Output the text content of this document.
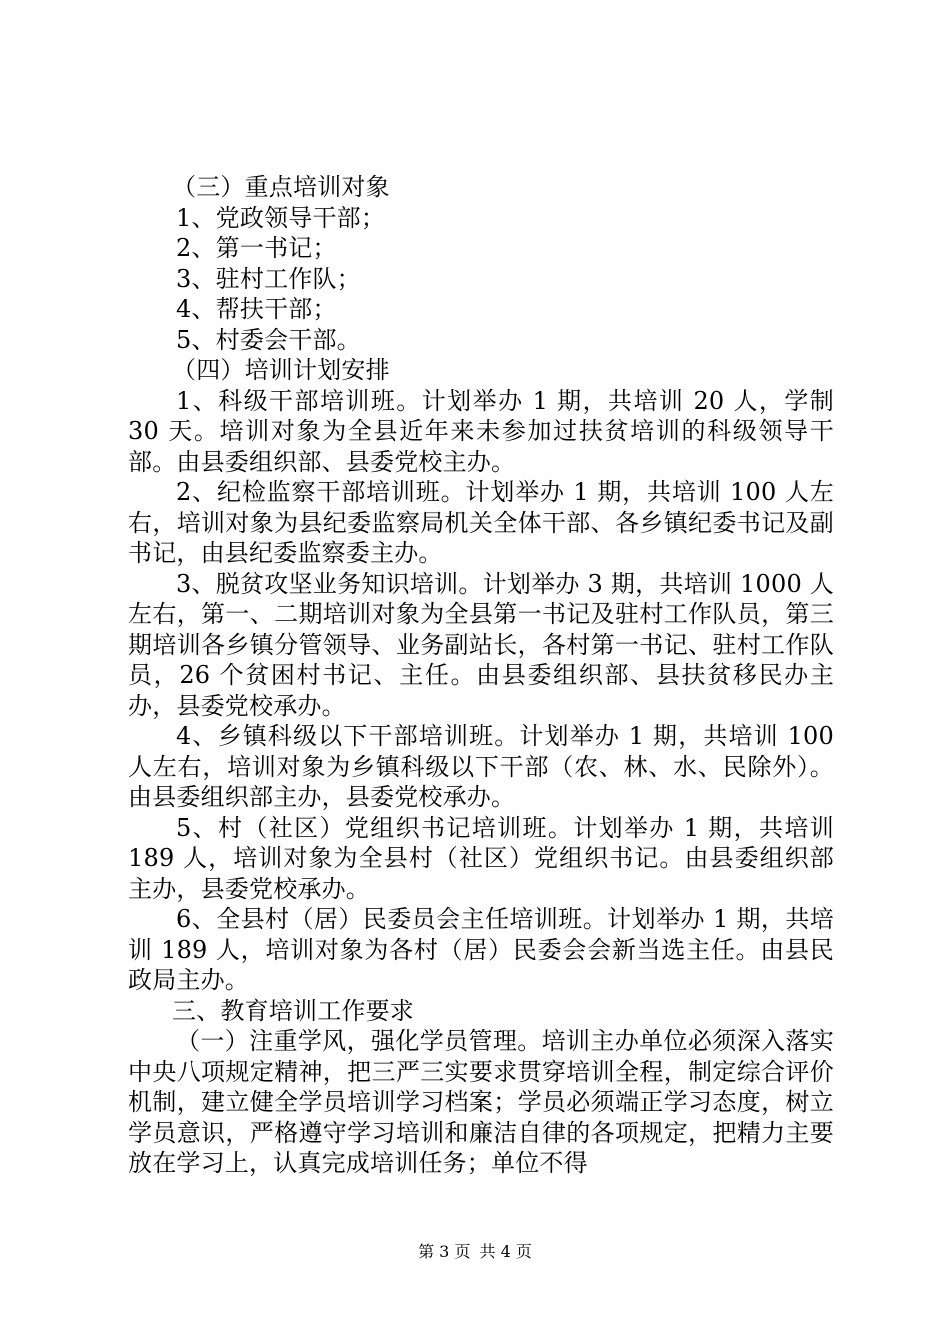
（三）重点培训对象

1、党政领导干部；

2、第一书记；

3、驻村工作队；

4、帮扶干部；

5、村委会干部。

（四）培训计划安排

1、科级干部培训班。计划举办 1 期，共培训 20 人，学制 30 天。培训对象为全县近年来未参加过扶贫培训的科级领导干部。由县委组织部、县委党校主办。

2、纪检监察干部培训班。计划举办 1 期，共培训 100 人左右，培训对象为县纪委监察局机关全体干部、各乡镇纪委书记及副书记，由县纪委监察委主办。

3、脱贫攻坚业务知识培训。计划举办 3 期，共培训 1000 人左右，第一、二期培训对象为全县第一书记及驻村工作队员，第三期培训各乡镇分管领导、业务副站长，各村第一书记、驻村工作队员，26 个贫困村书记、主任。由县委组织部、县扶贫移民办主办，县委党校承办。

4、乡镇科级以下干部培训班。计划举办 1 期，共培训 100 人左右，培训对象为乡镇科级以下干部（农、林、水、民除外）。由县委组织部主办，县委党校承办。

5、村（社区）党组织书记培训班。计划举办 1 期，共培训 189 人，培训对象为全县村（社区）党组织书记。由县委组织部主办，县委党校承办。

6、全县村（居）民委员会主任培训班。计划举办 1 期，共培训 189 人，培训对象为各村（居）民委会会新当选主任。由县民政局主办。

三、教育培训工作要求

（一）注重学风，强化学员管理。培训主办单位必须深入落实中央八项规定精神，把三严三实要求贯穿培训全程，制定综合评价机制，建立健全学员培训学习档案；学员必须端正学习态度，树立学员意识，严格遵守学习培训和廉洁自律的各项规定，把精力主要放在学习上，认真完成培训任务；单位不得

第 3 页 共 4 页
